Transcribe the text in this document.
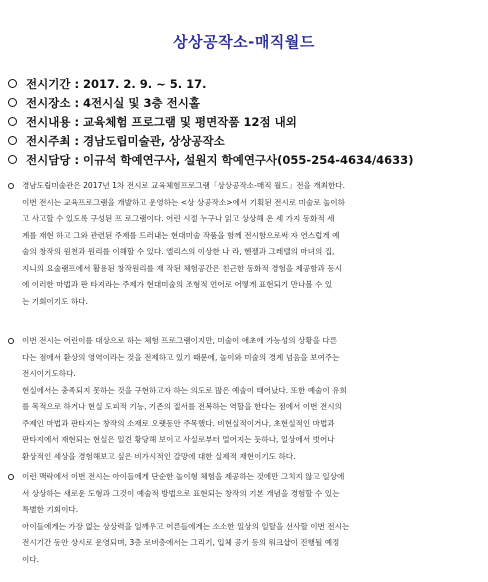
상상공작소-매직월드
전시기간 : 2017. 2. 9. ~ 5. 17.
전시장소 : 4전시실 및 3층 전시홀
전시내용 : 교육체험 프로그램 및 평면작품 12점 내외
전시주최 : 경남도립미술관, 상상공작소
전시담당 : 이규석 학예연구사, 설원지 학예연구사(055-254-4634/4633)
경남도립미술관은 2017년 1차 전시로 교육체험프로그램「상상공작소-매직 월드」전을 개최한다.
이번 전시는 교육프로그램을 개발하고 운영하는 <상 상공작소>에서 기획된 전시로 미술로 놀이하
고 사고할 수 있도록 구성된 프 로그램이다. 어린 시절 누구나 읽고 상상해 온 세 가지 동화적 세
계를 재현 하고 그와 관련된 주제를 드러내는 현대미술 작품을 함께 전시함으로써 자 연스럽게 예
술의 창작의 원천과 원리를 이해할 수 있다. 앨리스의 이상한 나 라, 헨젤과 그레텔의 마녀의 집,
지니의 요술램프에서 활용된 창작원리를 재 작된 체험공간은 친근한 동화적 경험을 제공함과 동시
에 이러한 마법과 판 타지라는 주제가 현대미술의 조형적 언어로 어떻게 표현되기 만나볼 수 있
는 기회이기도 하다.
이번 전시는 어린이를 대상으로 하는 체험 프로그램이지만, 미술이 애초에 가능성의 상황을 다른
다는 점에서 환상의 영역이라는 것을 전제하고 있기 때문에, 놀이와 미술의 경계 넘음을 보여주는
전시이기도하다.
현실에서는 충족되지 못하는 것을 구현하고자 하는 의도로 많은 예술이 태어났다. 또한 예술이 유희
를 목적으로 하거나 현실 도피적 기능, 기존의 질서를 전복하는 역할을 한다는 점에서 이번 전시의
주제인 마법과 판타지는 창작의 소재로 오랫동안 주목했다. 비현실적이거나, 초현실적인 마법과
판타지에서 재현되는 현실은 일견 황당해 보이고 사실로부터 멀어지는 듯하나, 일상에서 벗어나
환상적인 세상을 경험해보고 싶은 비가시적인 갈망에 대한 실제적 재현이기도 하다.
이런 맥락에서 이번 전시는 아이들에게 단순한 놀이형 체험을 제공하는 것에만 그치지 않고 일상에
서 상상하는 새로운 도형과 그것이 예술적 방법으로 표현되는 창작의 기본 개념을 경험할 수 있는
특별한 기회이다.
아이들에게는 가장 없는 상상력을 일깨우고 어른들에게는 소소한 일상의 일탈을 선사할 이번 전시는
전시기간 동안 상시로 운영되며, 3층 로비층에서는 그리기, 입체 공기 등의 워크샵이 진행될 예정
이다.
